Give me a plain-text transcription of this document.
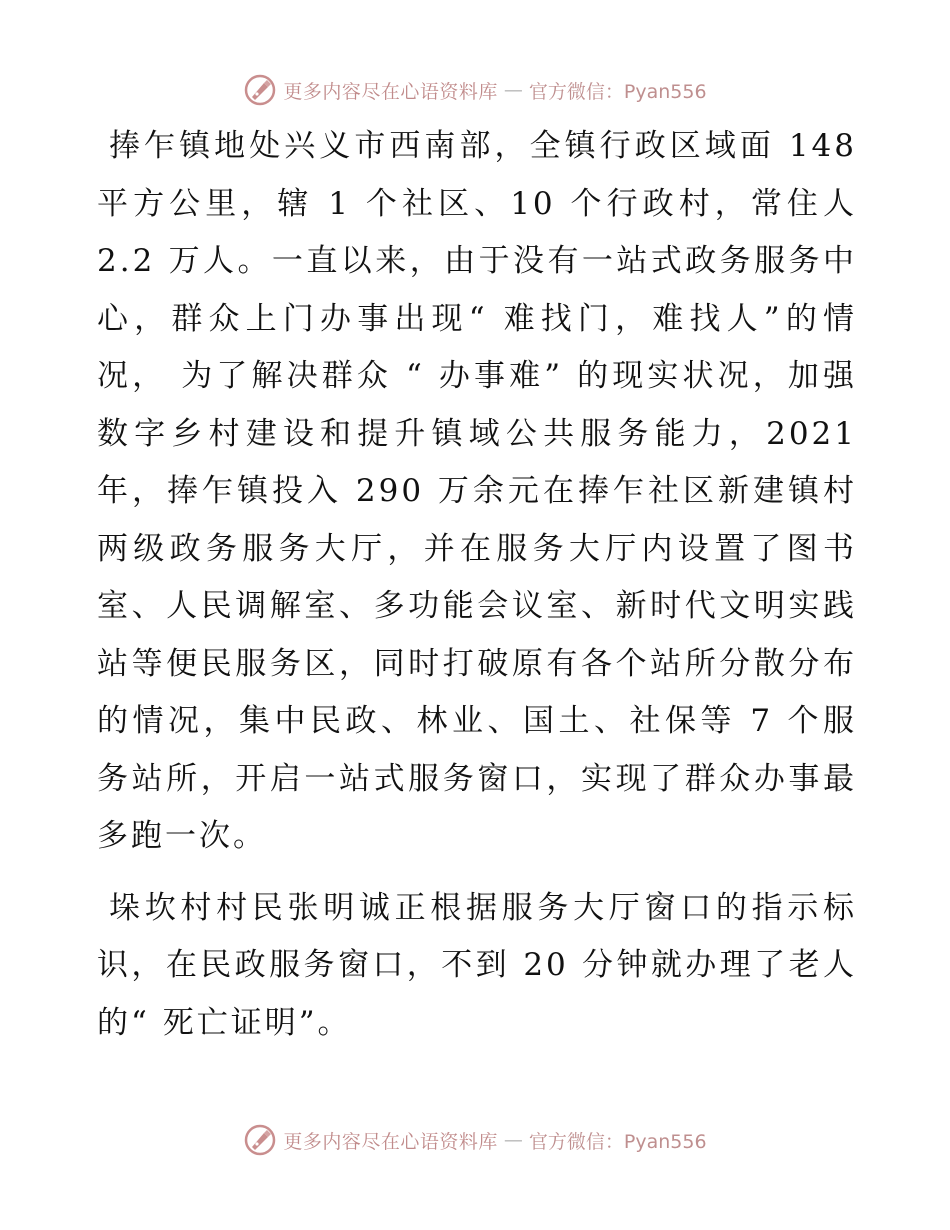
更多内容尽在心语资料库 — 官方微信：Pyan556

捧乍镇地处兴义市西南部，全镇行政区域面 148 平方公里，辖 1 个社区、10 个行政村，常住人 2.2 万人。一直以来，由于没有一站式政务服务中心，群众上门办事出现“ 难找门，难找人”的情况， 为了解决群众 “ 办事难” 的现实状况，加强数字乡村建设和提升镇域公共服务能力，2021 年，捧乍镇投入 290 万余元在捧乍社区新建镇村两级政务服务大厅，并在服务大厅内设置了图书室、人民调解室、多功能会议室、新时代文明实践站等便民服务区，同时打破原有各个站所分散分布的情况，集中民政、林业、国土、社保等 7 个服务站所，开启一站式服务窗口，实现了群众办事最多跑一次。

垛坎村村民张明诚正根据服务大厅窗口的指示标识，在民政服务窗口，不到 20 分钟就办理了老人的“ 死亡证明”。

更多内容尽在心语资料库 — 官方微信：Pyan556
